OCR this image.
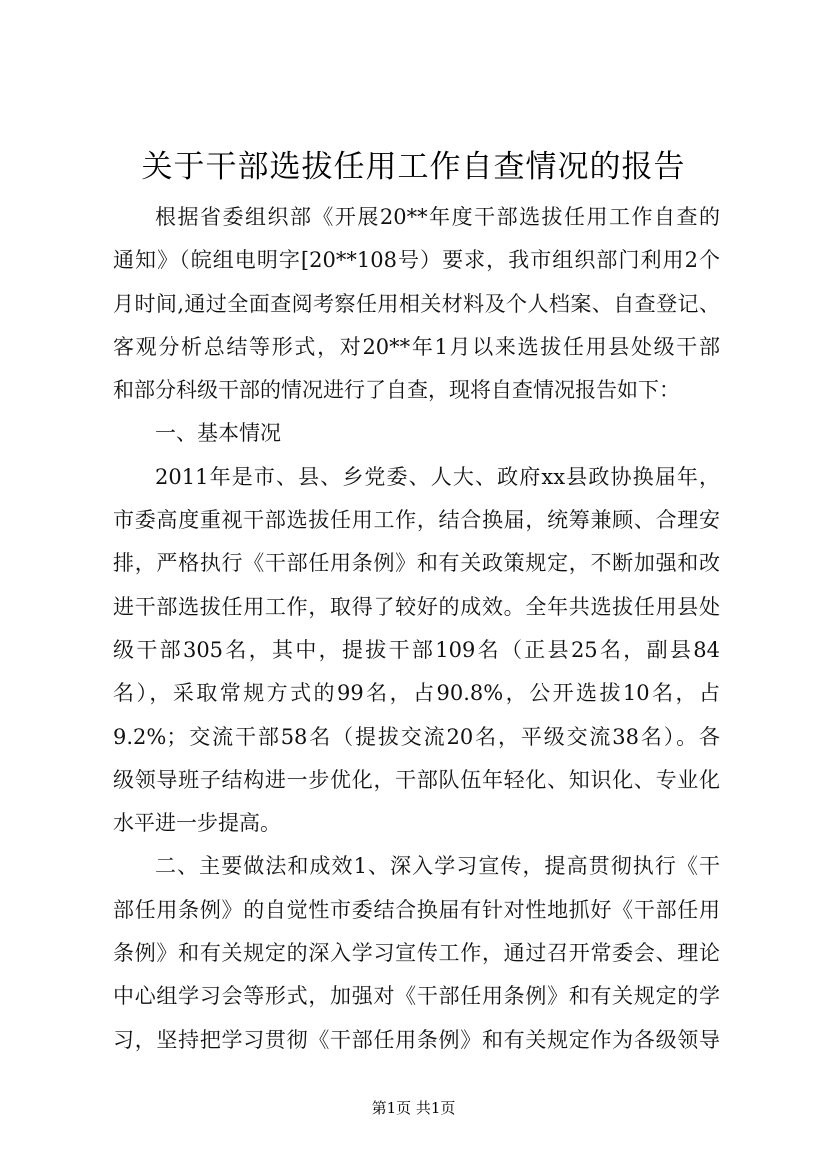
关于干部选拔任用工作自查情况的报告
根据省委组织部《开展20**年度干部选拔任用工作自查的
通知》（皖组电明字[20**108号）要求，我市组织部门利用2个
月时间,通过全面查阅考察任用相关材料及个人档案、自查登记、
客观分析总结等形式，对20**年1月以来选拔任用县处级干部
和部分科级干部的情况进行了自查，现将自查情况报告如下：
一、基本情况
2011年是市、县、乡党委、人大、政府xx县政协换届年，
市委高度重视干部选拔任用工作，结合换届，统筹兼顾、合理安
排，严格执行《干部任用条例》和有关政策规定，不断加强和改
进干部选拔任用工作，取得了较好的成效。全年共选拔任用县处
级干部305名，其中，提拔干部109名（正县25名，副县84
名），采取常规方式的99名，占90.8%，公开选拔10名，占
9.2%；交流干部58名（提拔交流20名，平级交流38名）。各
级领导班子结构进一步优化，干部队伍年轻化、知识化、专业化
水平进一步提高。
二、主要做法和成效1、深入学习宣传，提高贯彻执行《干
部任用条例》的自觉性市委结合换届有针对性地抓好《干部任用
条例》和有关规定的深入学习宣传工作，通过召开常委会、理论
中心组学习会等形式，加强对《干部任用条例》和有关规定的学
习，坚持把学习贯彻《干部任用条例》和有关规定作为各级领导
第1页 共1页
